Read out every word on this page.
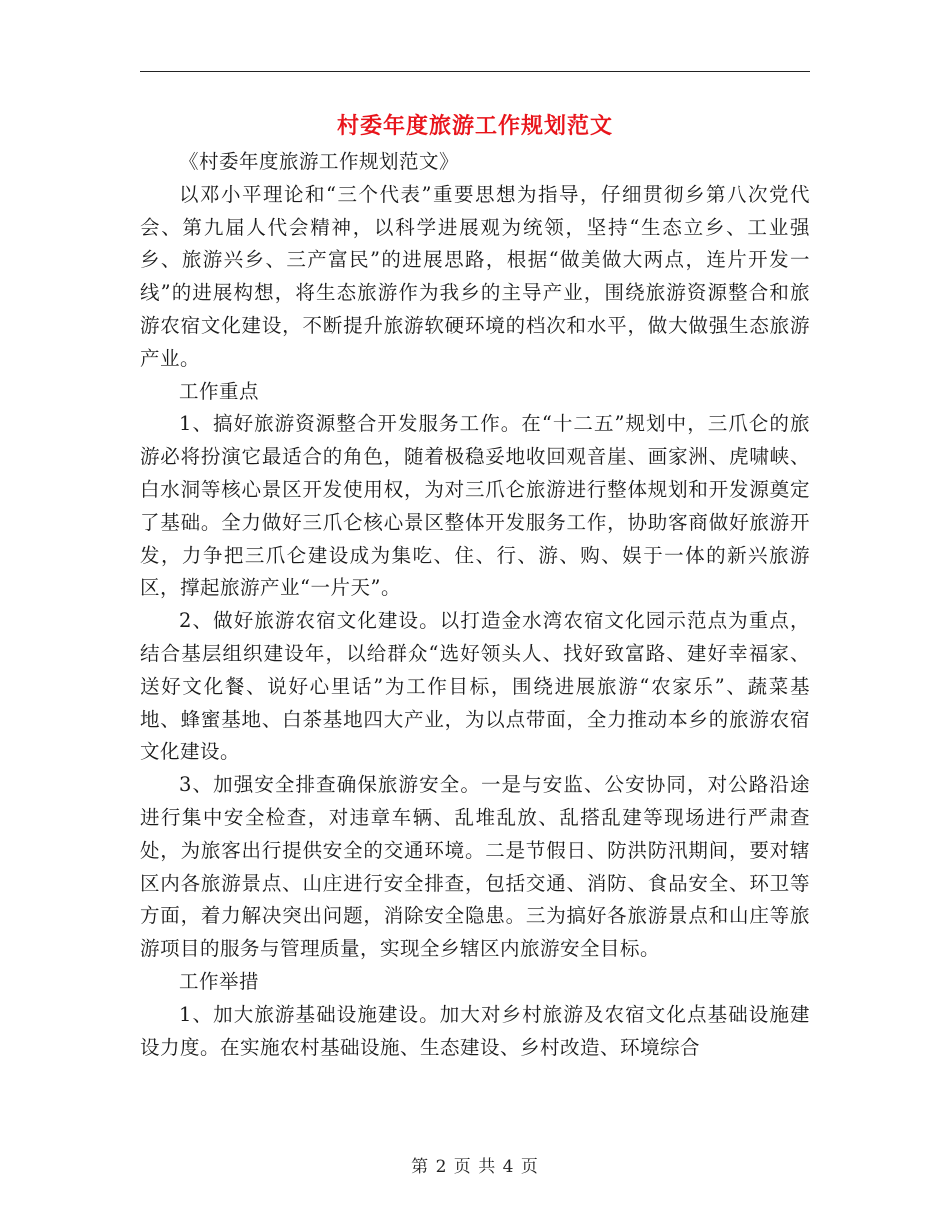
村委年度旅游工作规划范文

《村委年度旅游工作规划范文》

以邓小平理论和“三个代表”重要思想为指导，仔细贯彻乡第八次党代会、第九届人代会精神，以科学进展观为统领，坚持“生态立乡、工业强乡、旅游兴乡、三产富民”的进展思路，根据“做美做大两点，连片开发一线”的进展构想，将生态旅游作为我乡的主导产业，围绕旅游资源整合和旅游农宿文化建设，不断提升旅游软硬环境的档次和水平，做大做强生态旅游产业。

工作重点

1、搞好旅游资源整合开发服务工作。在“十二五”规划中，三爪仑的旅游必将扮演它最适合的角色，随着极稳妥地收回观音崖、画家洲、虎啸峡、白水洞等核心景区开发使用权，为对三爪仑旅游进行整体规划和开发源奠定了基础。全力做好三爪仑核心景区整体开发服务工作，协助客商做好旅游开发，力争把三爪仑建设成为集吃、住、行、游、购、娱于一体的新兴旅游区，撑起旅游产业“一片天”。

2、做好旅游农宿文化建设。以打造金水湾农宿文化园示范点为重点，结合基层组织建设年，以给群众“选好领头人、找好致富路、建好幸福家、送好文化餐、说好心里话”为工作目标，围绕进展旅游“农家乐”、蔬菜基地、蜂蜜基地、白茶基地四大产业，为以点带面，全力推动本乡的旅游农宿文化建设。

3、加强安全排查确保旅游安全。一是与安监、公安协同，对公路沿途进行集中安全检查，对违章车辆、乱堆乱放、乱搭乱建等现场进行严肃查处，为旅客出行提供安全的交通环境。二是节假日、防洪防汛期间，要对辖区内各旅游景点、山庄进行安全排查，包括交通、消防、食品安全、环卫等方面，着力解决突出问题，消除安全隐患。三为搞好各旅游景点和山庄等旅游项目的服务与管理质量，实现全乡辖区内旅游安全目标。

工作举措

1、加大旅游基础设施建设。加大对乡村旅游及农宿文化点基础设施建设力度。在实施农村基础设施、生态建设、乡村改造、环境综合

第 2 页 共 4 页
